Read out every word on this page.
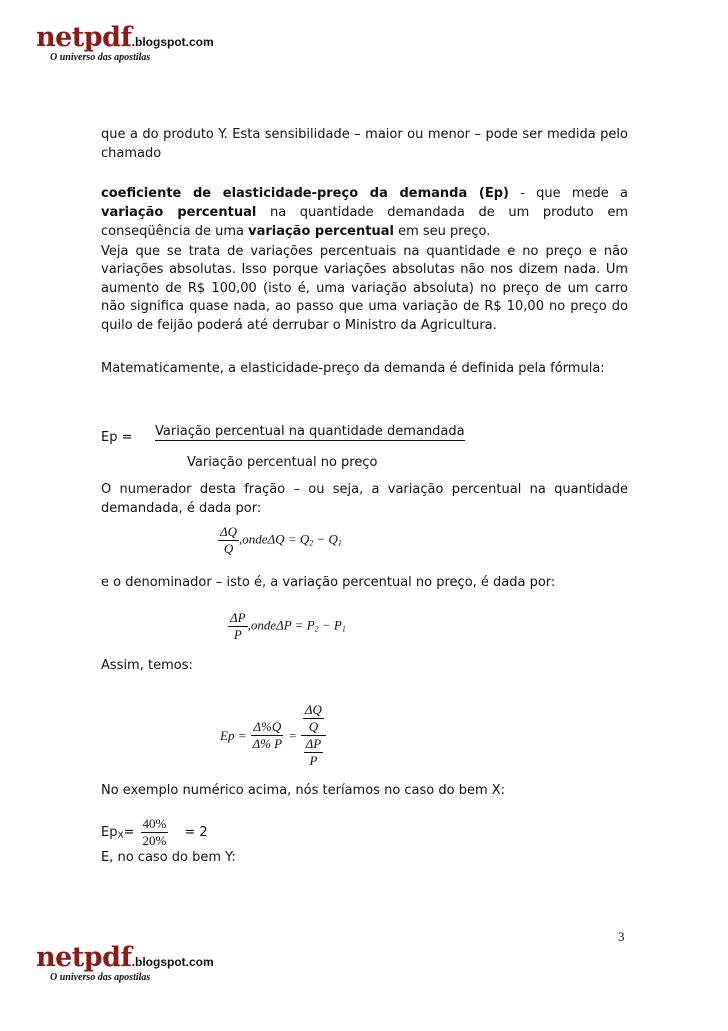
netpdf.blogspot.com
O universo das apostilas
que a do produto Y. Esta sensibilidade – maior ou menor – pode ser medida pelo chamado
coeficiente de elasticidade-preço da demanda (Ep) - que mede a variação percentual na quantidade demandada de um produto em conseqüência de uma variação percentual em seu preço.
Veja que se trata de variações percentuais na quantidade e no preço e não variações absolutas. Isso porque variações absolutas não nos dizem nada. Um aumento de R$ 100,00 (isto é, uma variação absoluta) no preço de um carro não significa quase nada, ao passo que uma variação de R$ 10,00 no preço do quilo de feijão poderá até derrubar o Ministro da Agricultura.
Matematicamente, a elasticidade-preço da demanda é definida pela fórmula:
Ep = Variação percentual na quantidade demandada
Variação percentual no preço
O numerador desta fração – ou seja, a variação percentual na quantidade demandada, é dada por:
$\frac{\Delta Q}{Q}$ ,ondeΔQ = $Q_2 - Q_1$
e o denominador – isto é, a variação percentual no preço, é dada por:
$\frac{\Delta P}{P}$ ,ondeΔP = $P_2 - P_1$
Assim, temos:
$Ep = \frac{\Delta\%Q}{\Delta\% P} = \frac{\frac{\Delta Q}{Q}}{\frac{\Delta P}{P}}$
No exemplo numérico acima, nós teríamos no caso do bem X:
Ep $X = \frac{40\%}{20\%} = 2$
E, no caso do bem Y:
3
netpdf.blogspot.com
O universo das apostilas
